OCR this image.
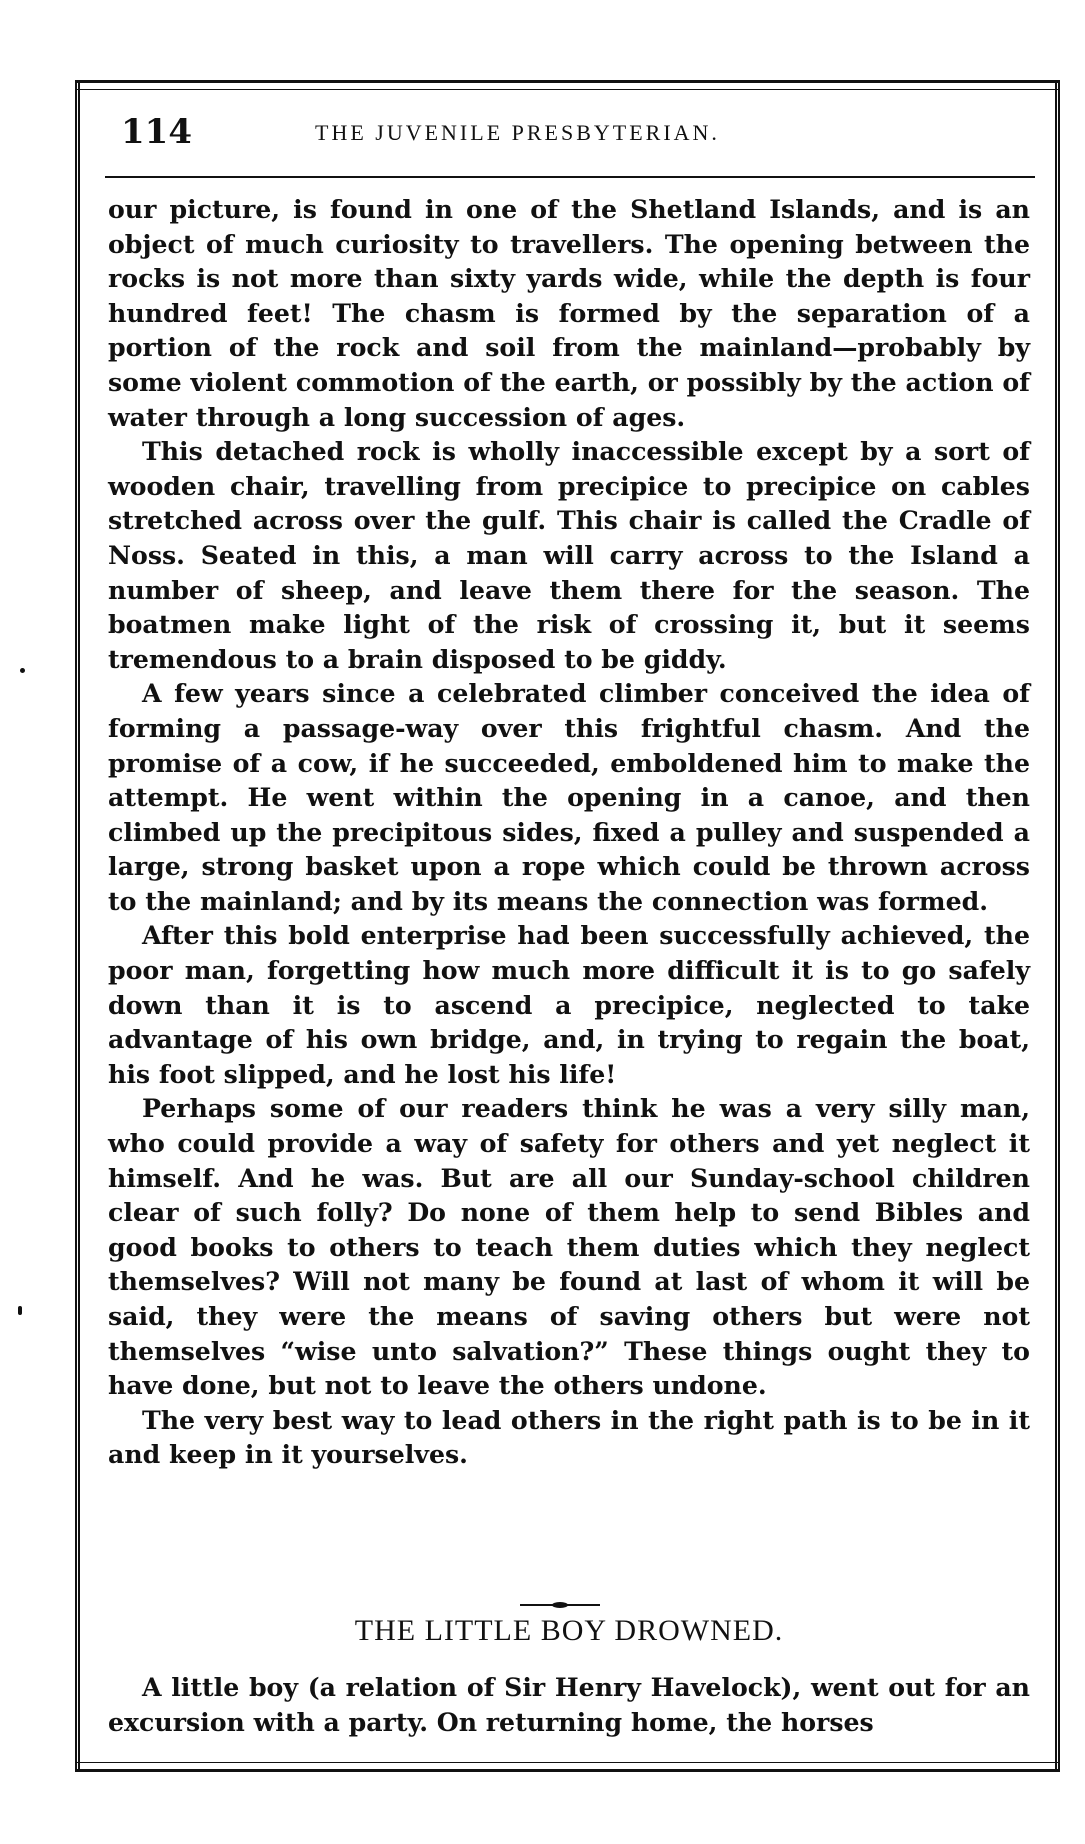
114	THE JUVENILE PRESBYTERIAN.

our picture, is found in one of the Shetland Islands, and is an object of much curiosity to travellers. The opening between the rocks is not more than sixty yards wide, while the depth is four hundred feet! The chasm is formed by the separation of a portion of the rock and soil from the mainland—probably by some violent commotion of the earth, or possibly by the action of water through a long succession of ages.

This detached rock is wholly inaccessible except by a sort of wooden chair, travelling from precipice to precipice on cables stretched across over the gulf. This chair is called the Cradle of Noss. Seated in this, a man will carry across to the Island a number of sheep, and leave them there for the season. The boatmen make light of the risk of crossing it, but it seems tremendous to a brain disposed to be giddy.

A few years since a celebrated climber conceived the idea of forming a passage-way over this frightful chasm. And the promise of a cow, if he succeeded, emboldened him to make the attempt. He went within the opening in a canoe, and then climbed up the precipitous sides, fixed a pulley and suspended a large, strong basket upon a rope which could be thrown across to the mainland; and by its means the connection was formed.

After this bold enterprise had been successfully achieved, the poor man, forgetting how much more difficult it is to go safely down than it is to ascend a precipice, neglected to take advantage of his own bridge, and, in trying to regain the boat, his foot slipped, and he lost his life!

Perhaps some of our readers think he was a very silly man, who could provide a way of safety for others and yet neglect it himself. And he was. But are all our Sunday-school children clear of such folly? Do none of them help to send Bibles and good books to others to teach them duties which they neglect themselves? Will not many be found at last of whom it will be said, they were the means of saving others but were not themselves “wise unto salvation?” These things ought they to have done, but not to leave the others undone.

The very best way to lead others in the right path is to be in it and keep in it yourselves.

THE LITTLE BOY DROWNED.

A little boy (a relation of Sir Henry Havelock), went out for an excursion with a party. On returning home, the horses
